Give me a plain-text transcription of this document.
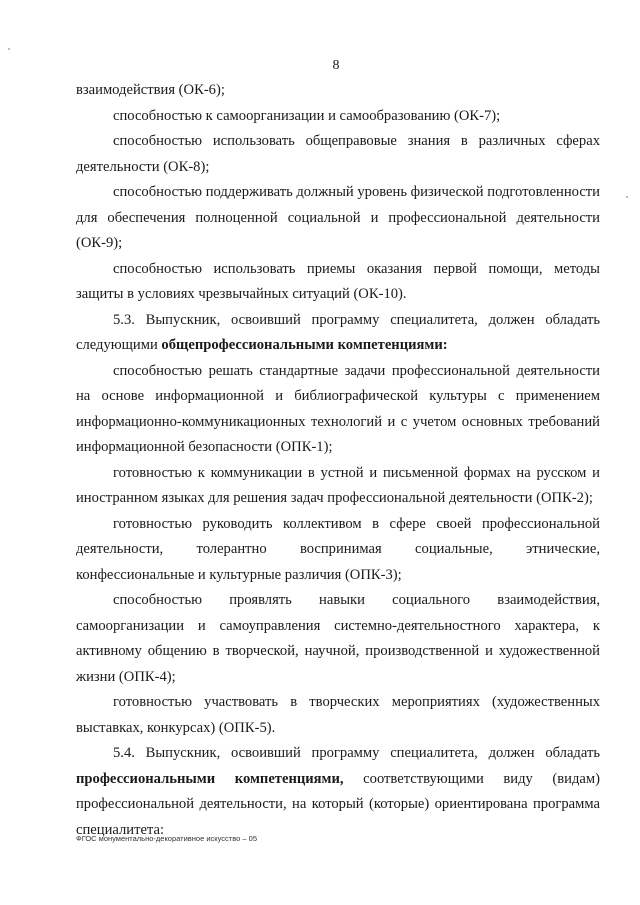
8

взаимодействия (ОК-6);

способностью к самоорганизации и самообразованию (ОК-7);

способностью использовать общеправовые знания в различных сферах деятельности (ОК-8);

способностью поддерживать должный уровень физической подготовленности для обеспечения полноценной социальной и профессиональной деятельности (ОК-9);

способностью использовать приемы оказания первой помощи, методы защиты в условиях чрезвычайных ситуаций (ОК-10).

5.3. Выпускник, освоивший программу специалитета, должен обладать следующими общепрофессиональными компетенциями:

способностью решать стандартные задачи профессиональной деятельности на основе информационной и библиографической культуры с применением информационно-коммуникационных технологий и с учетом основных требований информационной безопасности (ОПК-1);

готовностью к коммуникации в устной и письменной формах на русском и иностранном языках для решения задач профессиональной деятельности (ОПК-2);

готовностью руководить коллективом в сфере своей профессиональной деятельности, толерантно воспринимая социальные, этнические, конфессиональные и культурные различия (ОПК-3);

способностью проявлять навыки социального взаимодействия, самоорганизации и самоуправления системно-деятельностного характера, к активному общению в творческой, научной, производственной и художественной жизни (ОПК-4);

готовностью участвовать в творческих мероприятиях (художественных выставках, конкурсах) (ОПК-5).

5.4. Выпускник, освоивший программу специалитета, должен обладать профессиональными компетенциями, соответствующими виду (видам) профессиональной деятельности, на который (которые) ориентирована программа специалитета:

ФГОС монументально-декоративное искусство – 05
